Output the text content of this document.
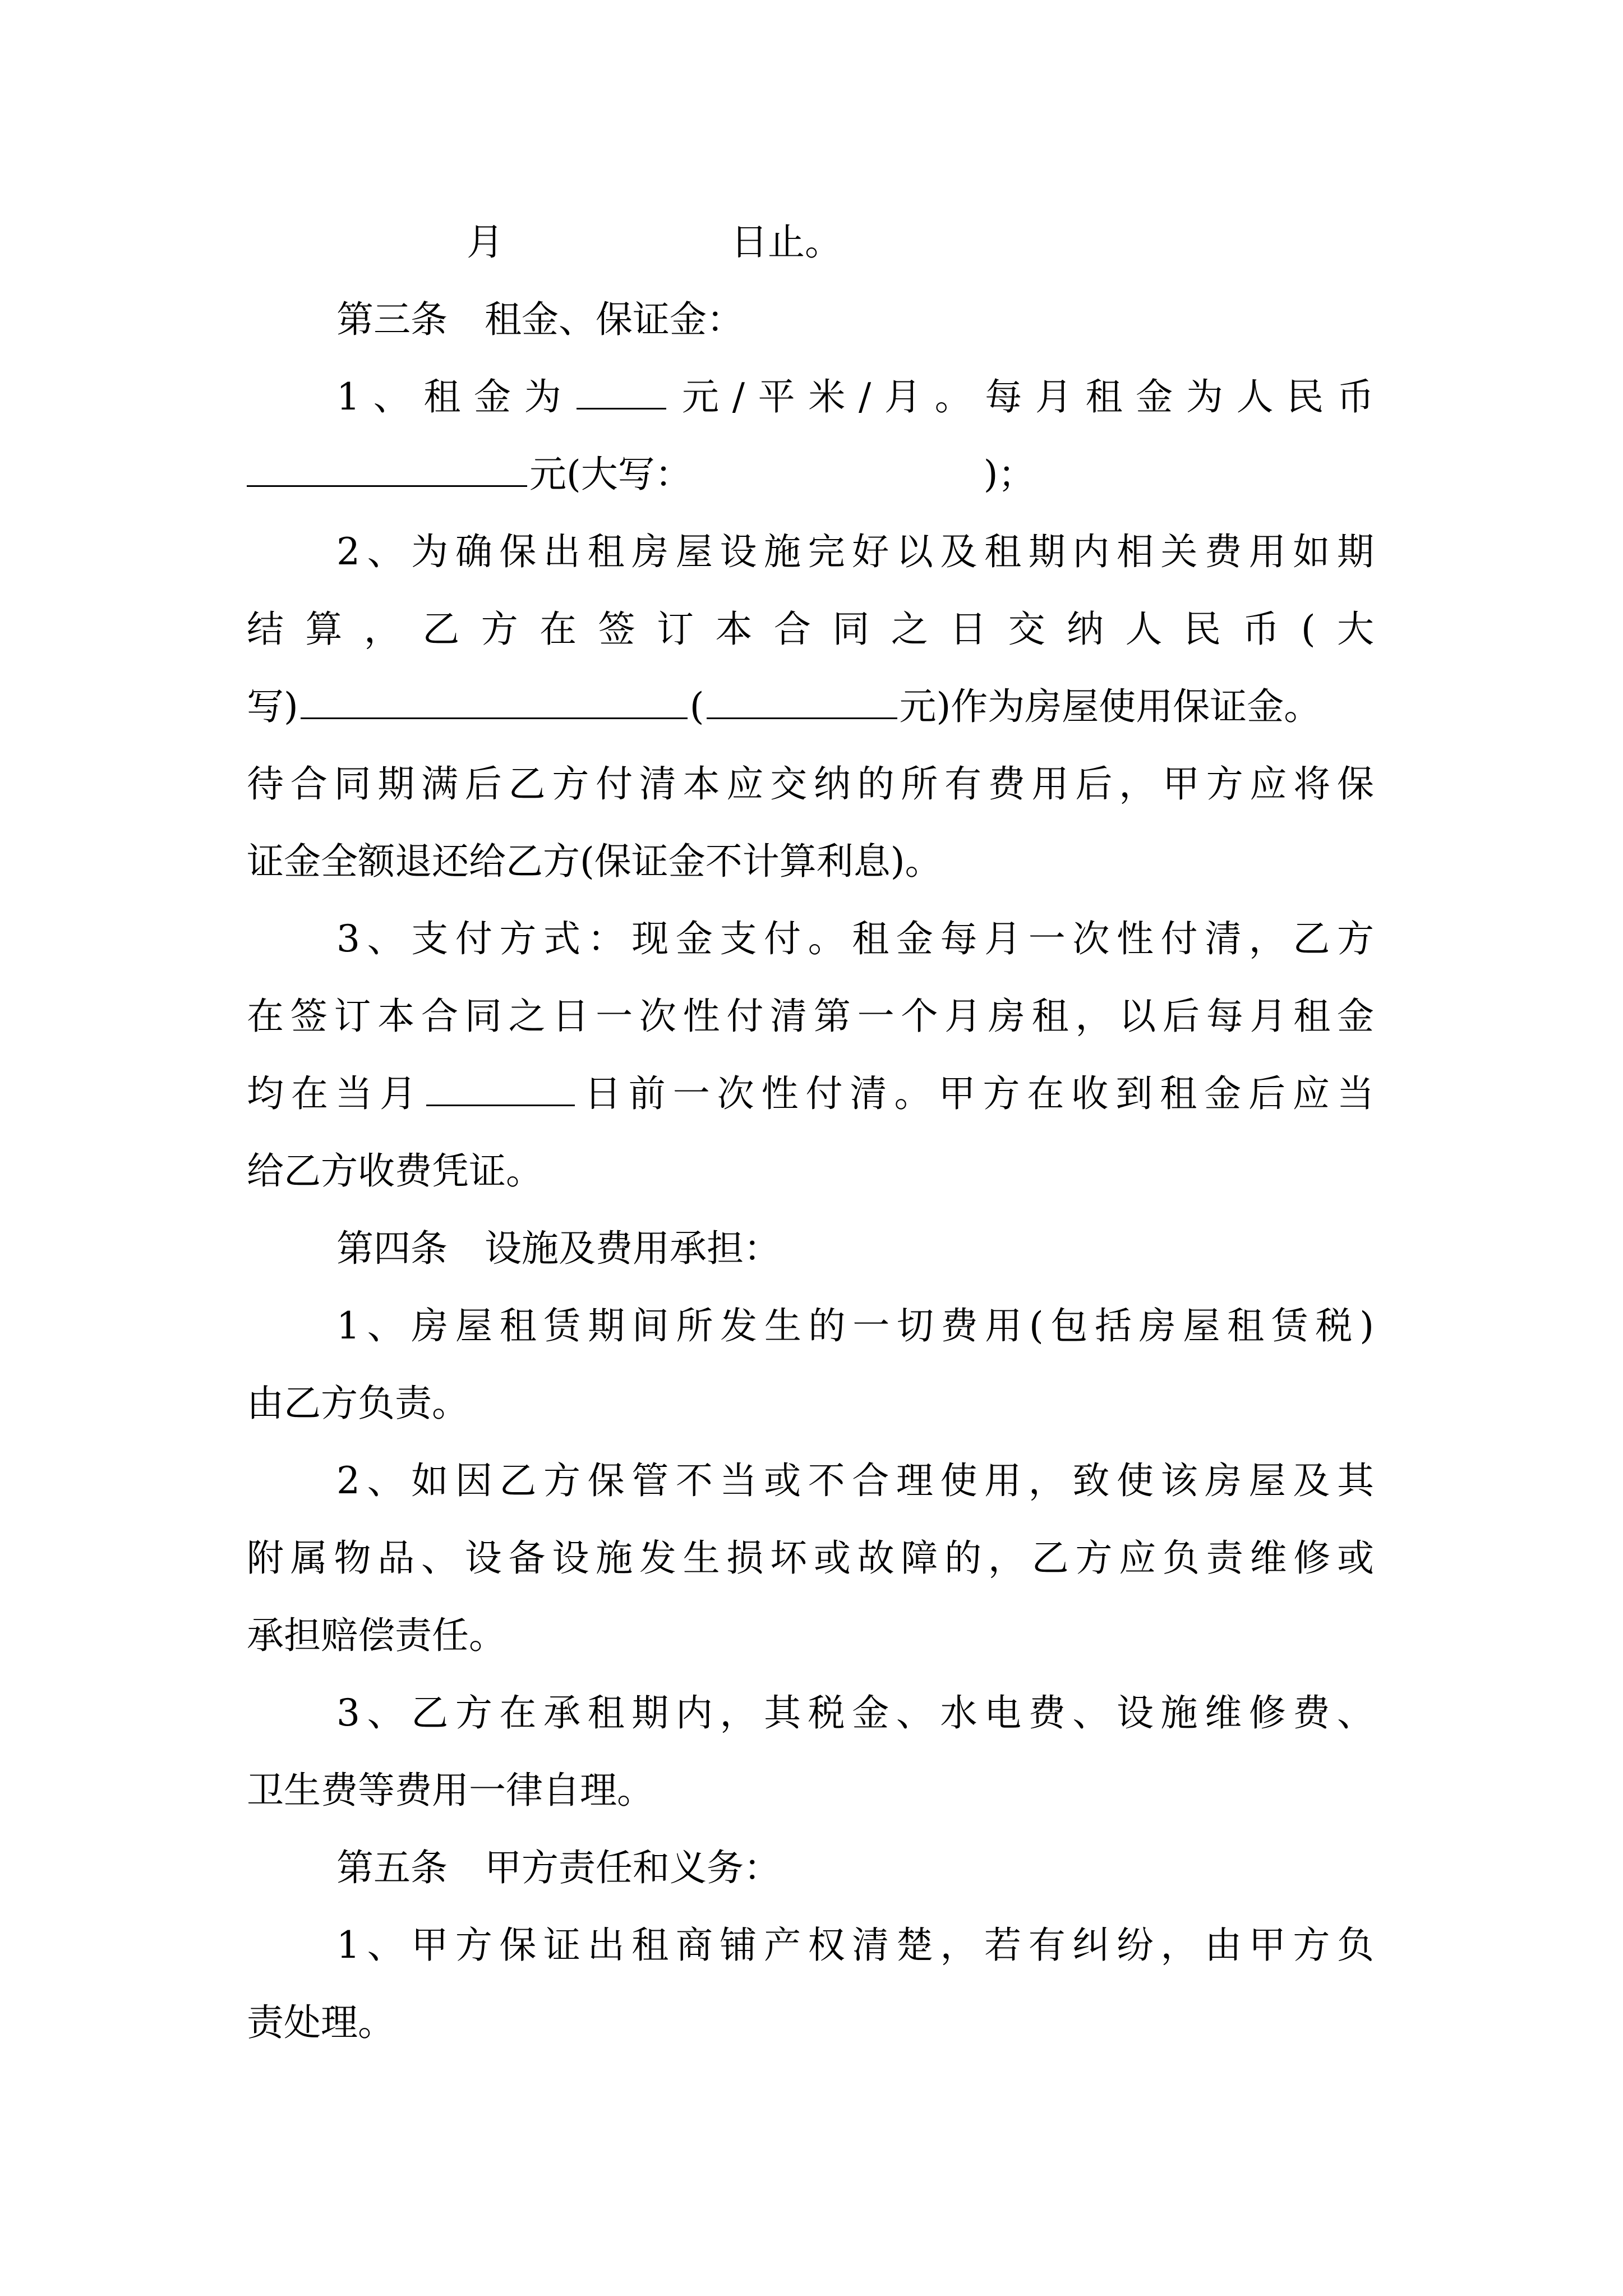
月	日止。
第三条　租金、保证金：
1、租金为	元/平米/月。每月租金为人民币
元(大写：	)；
2、为确保出租房屋设施完好以及租期内相关费用如期
结算，乙方在签订本合同之日交纳人民币(大
写)	(	元)作为房屋使用保证金。
待合同期满后乙方付清本应交纳的所有费用后，甲方应将保
证金全额退还给乙方(保证金不计算利息)。
3、支付方式：现金支付。租金每月一次性付清，乙方
在签订本合同之日一次性付清第一个月房租，以后每月租金
均在当月	日前一次性付清。甲方在收到租金后应当
给乙方收费凭证。
第四条　设施及费用承担：
1、房屋租赁期间所发生的一切费用(包括房屋租赁税)
由乙方负责。
2、如因乙方保管不当或不合理使用，致使该房屋及其
附属物品、设备设施发生损坏或故障的，乙方应负责维修或
承担赔偿责任。
3、乙方在承租期内，其税金、水电费、设施维修费、
卫生费等费用一律自理。
第五条　甲方责任和义务：
1、甲方保证出租商铺产权清楚，若有纠纷，由甲方负
责处理。
